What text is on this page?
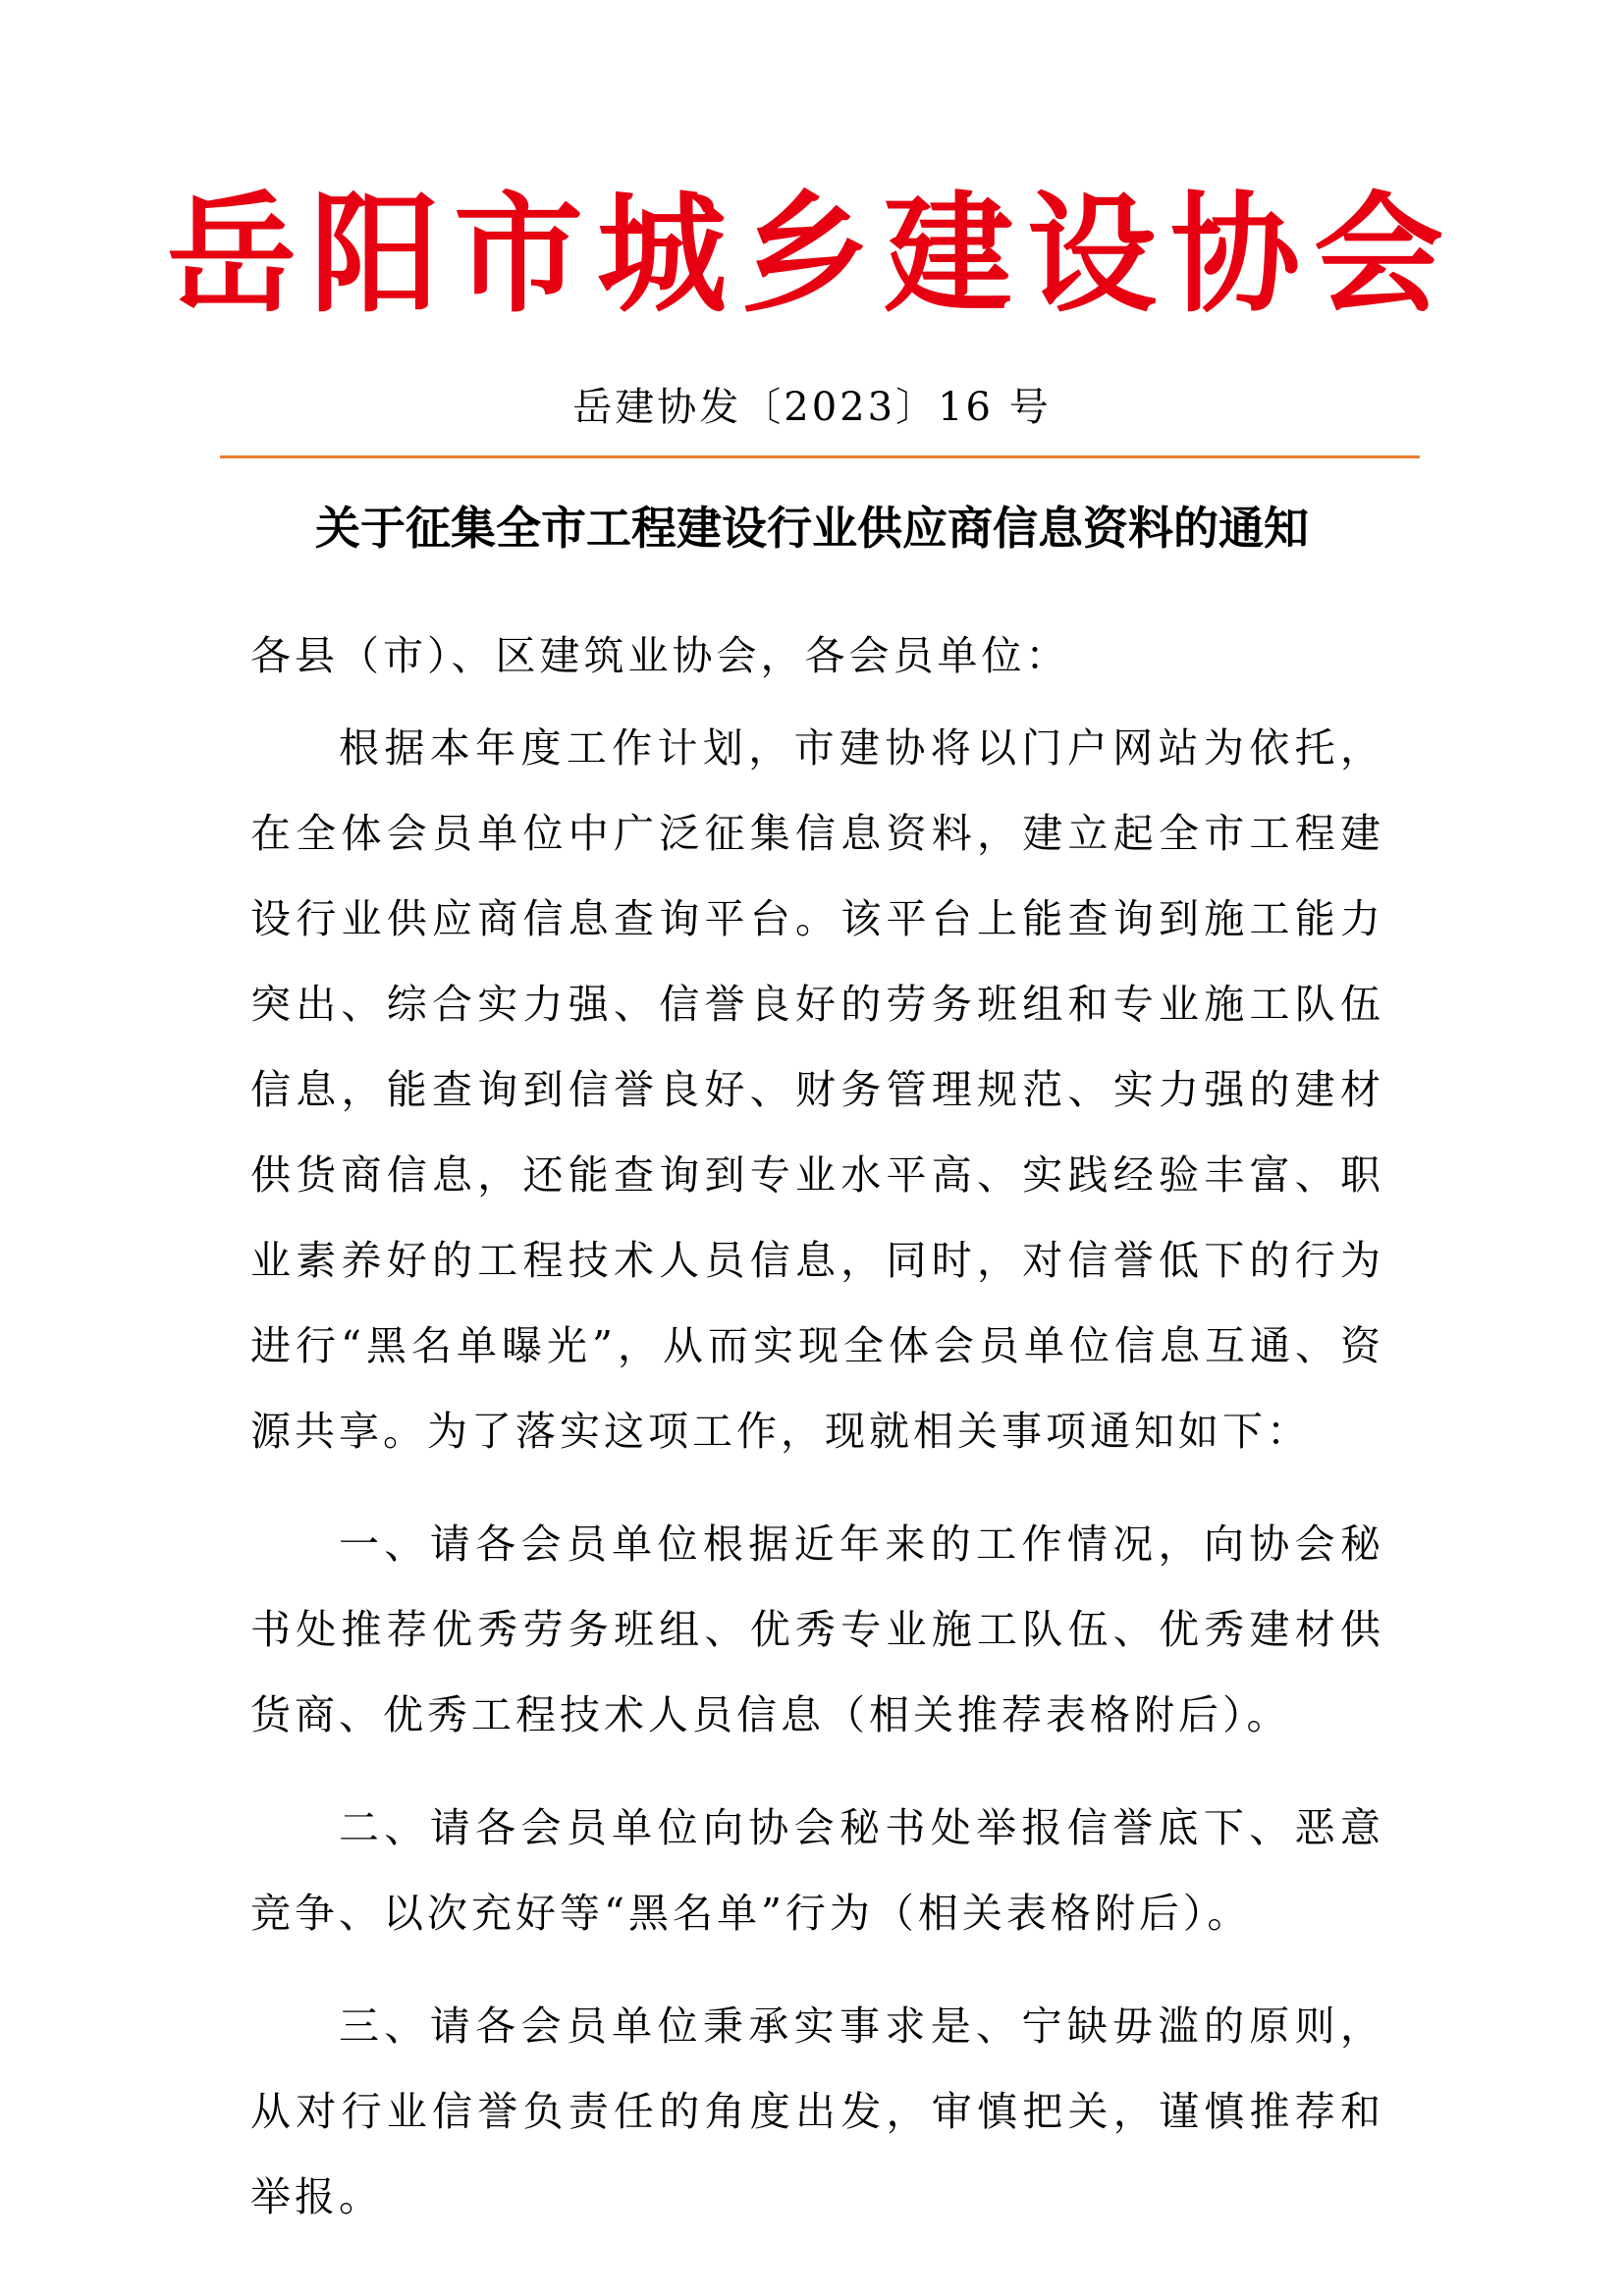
岳阳市城乡建设协会
岳建协发〔2023〕16 号
关于征集全市工程建设行业供应商信息资料的通知

各县（市）、区建筑业协会，各会员单位：

根据本年度工作计划，市建协将以门户网站为依托，在全体会员单位中广泛征集信息资料，建立起全市工程建设行业供应商信息查询平台。该平台上能查询到施工能力突出、综合实力强、信誉良好的劳务班组和专业施工队伍信息，能查询到信誉良好、财务管理规范、实力强的建材供货商信息，还能查询到专业水平高、实践经验丰富、职业素养好的工程技术人员信息，同时，对信誉低下的行为进行“黑名单曝光”，从而实现全体会员单位信息互通、资源共享。为了落实这项工作，现就相关事项通知如下：

一、请各会员单位根据近年来的工作情况，向协会秘书处推荐优秀劳务班组、优秀专业施工队伍、优秀建材供货商、优秀工程技术人员信息（相关推荐表格附后）。

二、请各会员单位向协会秘书处举报信誉底下、恶意竞争、以次充好等“黑名单”行为（相关表格附后）。

三、请各会员单位秉承实事求是、宁缺毋滥的原则，从对行业信誉负责任的角度出发，审慎把关，谨慎推荐和举报。
